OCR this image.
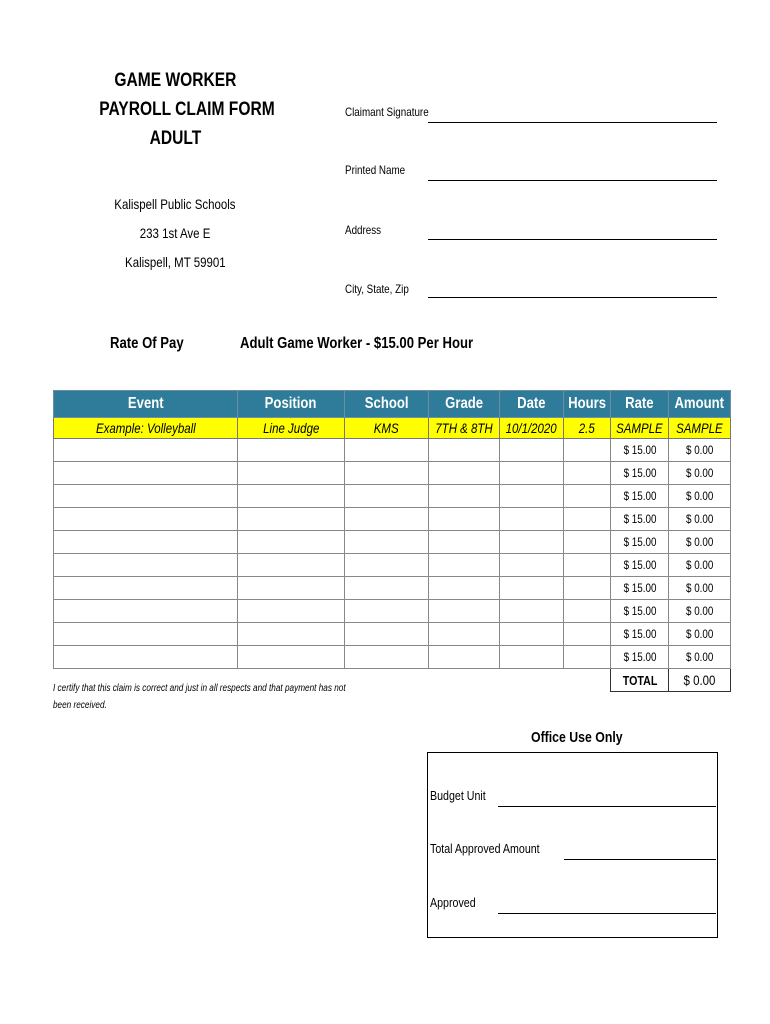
GAME WORKER
PAYROLL CLAIM FORM
ADULT
Kalispell Public Schools
233 1st Ave E
Kalispell, MT 59901
Claimant Signature
Printed Name
Address
City, State, Zip
Rate Of Pay	Adult Game Worker - $15.00 Per Hour
Event	Position	School	Grade	Date	Hours	Rate	Amount
Example: Volleyball	Line Judge	KMS	7TH & 8TH	10/1/2020	2.5	SAMPLE	SAMPLE
						$ 15.00	$ 0.00
						$ 15.00	$ 0.00
						$ 15.00	$ 0.00
						$ 15.00	$ 0.00
						$ 15.00	$ 0.00
						$ 15.00	$ 0.00
						$ 15.00	$ 0.00
						$ 15.00	$ 0.00
						$ 15.00	$ 0.00
						$ 15.00	$ 0.00
						TOTAL	$ 0.00
I certify that this claim is correct and just in all respects and that payment has not been received.
Office Use Only
Budget Unit
Total Approved Amount
Approved
